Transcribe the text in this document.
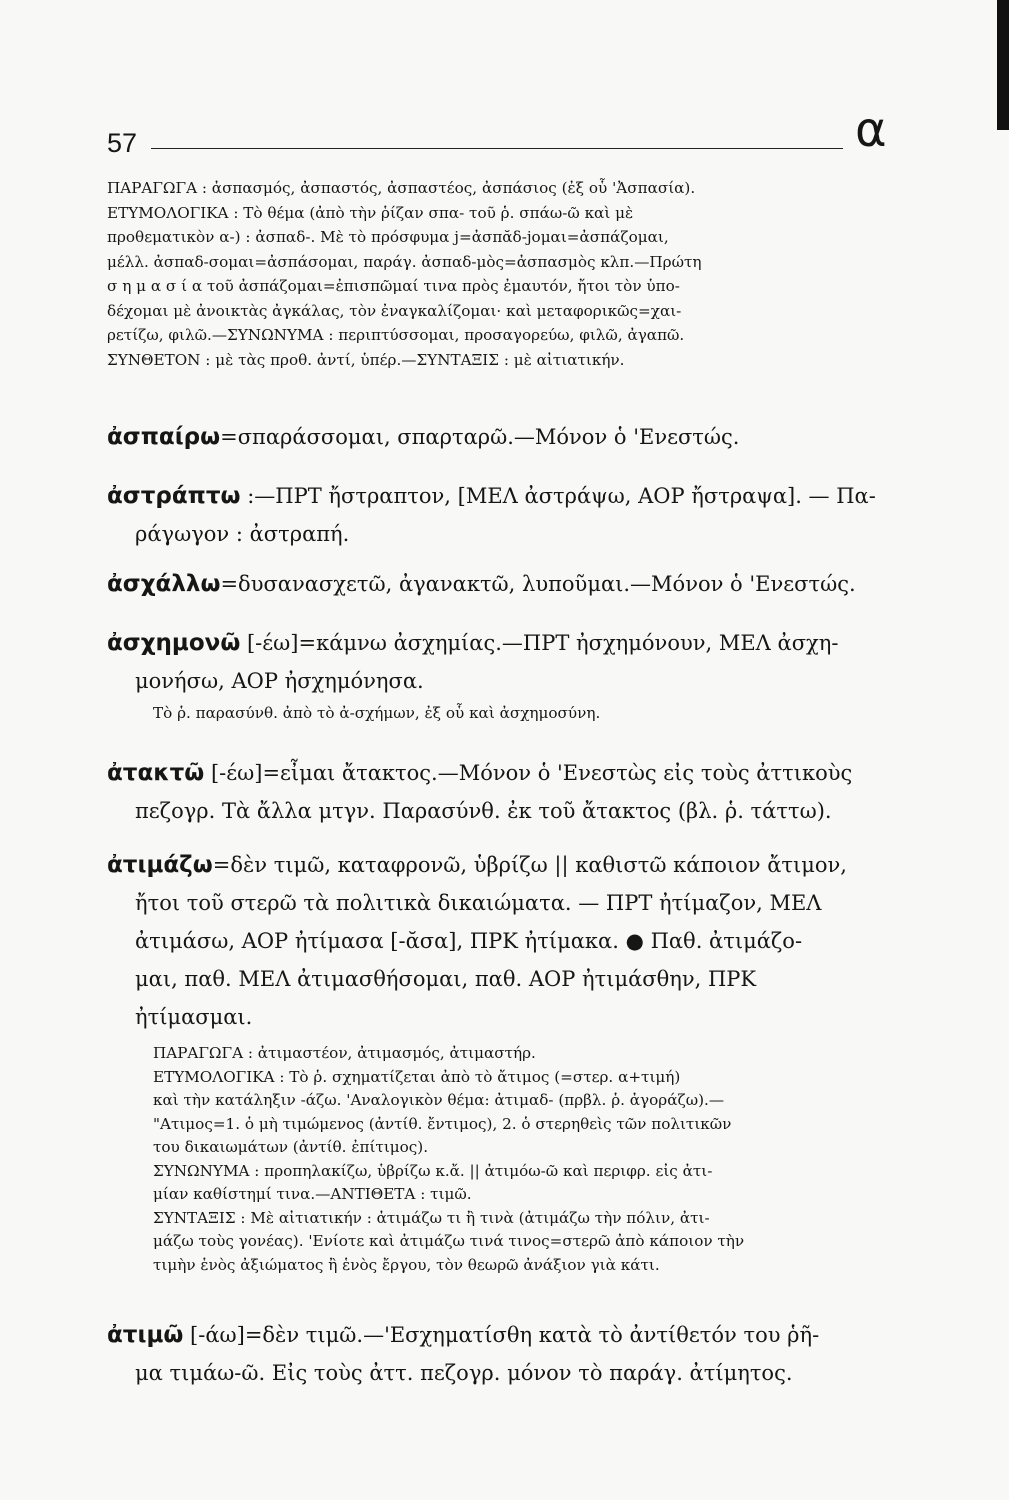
57	α
ΠΑΡΑΓΩΓΑ : ἀσπασμός, ἀσπαστός, ἀσπαστέος, ἀσπάσιος (ἐξ οὗ 'Ἀσπασία).
ΕΤΥΜΟΛΟΓΙΚΑ : Τὸ θέμα (ἀπὸ τὴν ῥίζαν σπα- τοῦ ῥ. σπάω-ῶ καὶ μὲ
προθεματικὸν α-) : ἀσπαδ-. Μὲ τὸ πρόσφυμα j=ἀσπᾰδ-jομαι=ἀσπάζομαι,
μέλλ. ἀσπαδ-σομαι=ἀσπάσομαι, παράγ. ἀσπαδ-μὸς=ἀσπασμὸς κλπ.—Πρώτη
σ η μ α σ ί α τοῦ ἀσπάζομαι=ἐπισπῶμαί τινα πρὸς ἐμαυτόν, ἤτοι τὸν ὑπο-
δέχομαι μὲ ἀνοικτὰς ἀγκάλας, τὸν ἐναγκαλίζομαι· καὶ μεταφορικῶς=χαι-
ρετίζω, φιλῶ.—ΣΥΝΩΝΥΜΑ : περιπτύσσομαι, προσαγορεύω, φιλῶ, ἀγαπῶ.
ΣΥΝΘΕΤΟΝ : μὲ τὰς προθ. ἀντί, ὑπέρ.—ΣΥΝΤΑΞΙΣ : μὲ αἰτιατικήν.
ἀσπαίρω=σπαράσσομαι, σπαρταρῶ.—Μόνον ὁ 'Ενεστώς.
ἀστράπτω :—ΠΡΤ ἤστραπτον, [ΜΕΛ ἀστράψω, ΑΟΡ ἤστραψα]. — Πα-
ράγωγον : ἀστραπή.
ἀσχάλλω=δυσανασχετῶ, ἀγανακτῶ, λυποῦμαι.—Μόνον ὁ 'Ενεστώς.
ἀσχημονῶ [-έω]=κάμνω ἀσχημίας.—ΠΡΤ ἠσχημόνουν, ΜΕΛ ἀσχη-
μονήσω, ΑΟΡ ἠσχημόνησα.
Τὸ ῥ. παρασύνθ. ἀπὸ τὸ ἀ-σχήμων, ἐξ οὗ καὶ ἀσχημοσύνη.
ἀτακτῶ [-έω]=εἶμαι ἄτακτος.—Μόνον ὁ 'Ενεστὼς εἰς τοὺς ἀττικοὺς
πεζογρ. Τὰ ἄλλα μτγν. Παρασύνθ. ἐκ τοῦ ἄτακτος (βλ. ῥ. τάττω).
ἀτιμάζω=δὲν τιμῶ, καταφρονῶ, ὑβρίζω || καθιστῶ κάποιον ἄτιμον,
ἤτοι τοῦ στερῶ τὰ πολιτικὰ δικαιώματα. — ΠΡΤ ἠτίμαζον, ΜΕΛ
ἀτιμάσω, ΑΟΡ ἠτίμασα [-ᾰσα], ΠΡΚ ἠτίμακα. ● Παθ. ἀτιμάζο-
μαι, παθ. ΜΕΛ ἀτιμασθήσομαι, παθ. ΑΟΡ ἠτιμάσθην, ΠΡΚ
ἠτίμασμαι.
ΠΑΡΑΓΩΓΑ : ἀτιμαστέον, ἀτιμασμός, ἀτιμαστήρ.
ΕΤΥΜΟΛΟΓΙΚΑ : Τὸ ῥ. σχηματίζεται ἀπὸ τὸ ἄτιμος (=στερ. α+τιμή)
καὶ τὴν κατάληξιν -άζω. 'Αναλογικὸν θέμα: ἀτιμαδ- (πρβλ. ῥ. ἀγοράζω).—
"Ατιμος=1. ὁ μὴ τιμώμενος (ἀντίθ. ἔντιμος), 2. ὁ στερηθεὶς τῶν πολιτικῶν
του δικαιωμάτων (ἀντίθ. ἐπίτιμος).
ΣΥΝΩΝΥΜΑ : προπηλακίζω, ὑβρίζω κ.ἄ. || ἀτιμόω-ῶ καὶ περιφρ. εἰς ἀτι-
μίαν καθίστημί τινα.—ΑΝΤΙΘΕΤΑ : τιμῶ.
ΣΥΝΤΑΞΙΣ : Μὲ αἰτιατικήν : ἀτιμάζω τι ἢ τινὰ (ἀτιμάζω τὴν πόλιν, ἀτι-
μάζω τοὺς γονέας). 'Ενίοτε καὶ ἀτιμάζω τινά τινος=στερῶ ἀπὸ κάποιον τὴν
τιμὴν ἑνὸς ἀξιώματος ἢ ἑνὸς ἔργου, τὸν θεωρῶ ἀνάξιον γιὰ κάτι.
ἀτιμῶ [-άω]=δὲν τιμῶ.—'Εσχηματίσθη κατὰ τὸ ἀντίθετόν του ῥῆ-
μα τιμάω-ῶ. Εἰς τοὺς ἀττ. πεζογρ. μόνον τὸ παράγ. ἀτίμητος.
